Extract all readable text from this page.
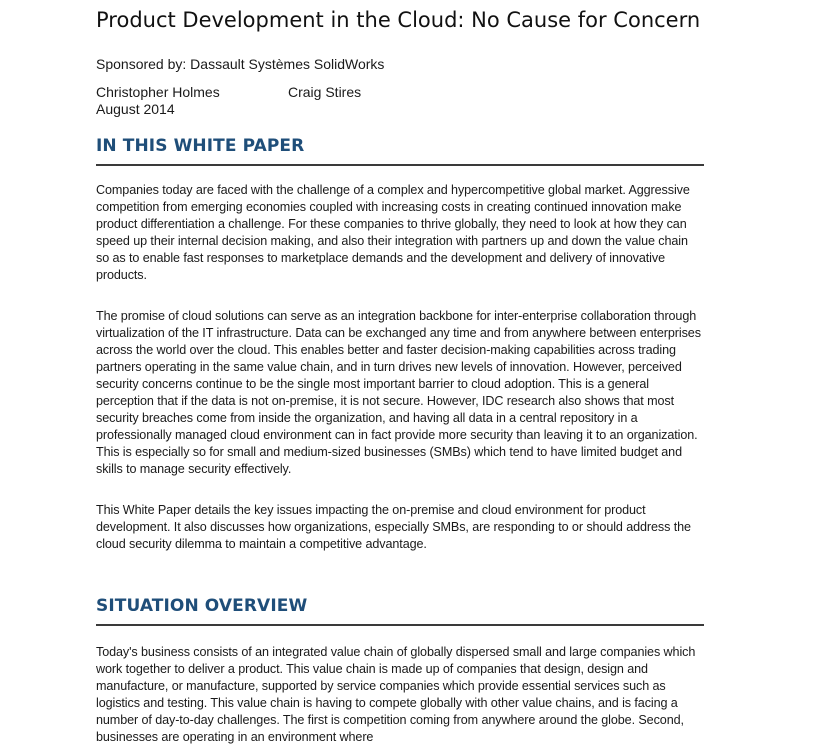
Product Development in the Cloud: No Cause for Concern
Sponsored by: Dassault Systèmes SolidWorks
Christopher Holmes	Craig Stires
August 2014
IN THIS WHITE PAPER

Companies today are faced with the challenge of a complex and hypercompetitive global market. Aggressive competition from emerging economies coupled with increasing costs in creating continued innovation make product differentiation a challenge. For these companies to thrive globally, they need to look at how they can speed up their internal decision making, and also their integration with partners up and down the value chain so as to enable fast responses to marketplace demands and the development and delivery of innovative products.

The promise of cloud solutions can serve as an integration backbone for inter-enterprise collaboration through virtualization of the IT infrastructure. Data can be exchanged any time and from anywhere between enterprises across the world over the cloud. This enables better and faster decision-making capabilities across trading partners operating in the same value chain, and in turn drives new levels of innovation. However, perceived security concerns continue to be the single most important barrier to cloud adoption. This is a general perception that if the data is not on-premise, it is not secure. However, IDC research also shows that most security breaches come from inside the organization, and having all data in a central repository in a professionally managed cloud environment can in fact provide more security than leaving it to an organization. This is especially so for small and medium-sized businesses (SMBs) which tend to have limited budget and skills to manage security effectively.

This White Paper details the key issues impacting the on-premise and cloud environment for product development. It also discusses how organizations, especially SMBs, are responding to or should address the cloud security dilemma to maintain a competitive advantage.

SITUATION OVERVIEW

Today's business consists of an integrated value chain of globally dispersed small and large companies which work together to deliver a product. This value chain is made up of companies that design, design and manufacture, or manufacture, supported by service companies which provide essential services such as logistics and testing. This value chain is having to compete globally with other value chains, and is facing a number of day-to-day challenges. The first is competition coming from anywhere around the globe. Second, businesses are operating in an environment where
